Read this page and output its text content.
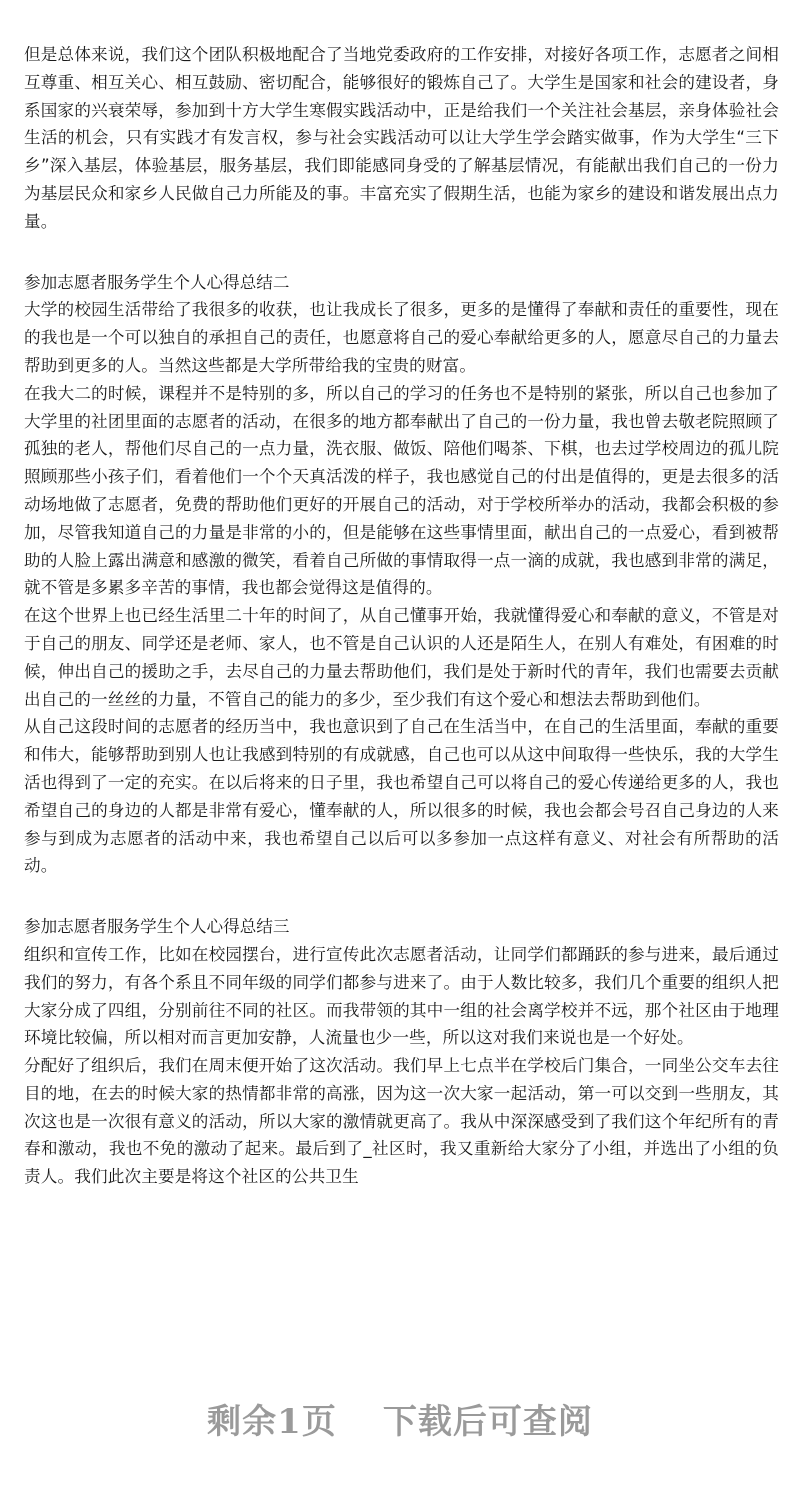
但是总体来说，我们这个团队积极地配合了当地党委政府的工作安排，对接好各项工作，志愿者之间相互尊重、相互关心、相互鼓励、密切配合，能够很好的锻炼自己了。大学生是国家和社会的建设者，身系国家的兴衰荣辱，参加到十方大学生寒假实践活动中，正是给我们一个关注社会基层，亲身体验社会生活的机会，只有实践才有发言权，参与社会实践活动可以让大学生学会踏实做事，作为大学生“三下乡”深入基层，体验基层，服务基层，我们即能感同身受的了解基层情况，有能献出我们自己的一份力为基层民众和家乡人民做自己力所能及的事。丰富充实了假期生活，也能为家乡的建设和谐发展出点力量。

参加志愿者服务学生个人心得总结二

大学的校园生活带给了我很多的收获，也让我成长了很多，更多的是懂得了奉献和责任的重要性，现在的我也是一个可以独自的承担自己的责任，也愿意将自己的爱心奉献给更多的人，愿意尽自己的力量去帮助到更多的人。当然这些都是大学所带给我的宝贵的财富。

在我大二的时候，课程并不是特别的多，所以自己的学习的任务也不是特别的紧张，所以自己也参加了大学里的社团里面的志愿者的活动，在很多的地方都奉献出了自己的一份力量，我也曾去敬老院照顾了孤独的老人，帮他们尽自己的一点力量，洗衣服、做饭、陪他们喝茶、下棋，也去过学校周边的孤儿院照顾那些小孩子们，看着他们一个个天真活泼的样子，我也感觉自己的付出是值得的，更是去很多的活动场地做了志愿者，免费的帮助他们更好的开展自己的活动，对于学校所举办的活动，我都会积极的参加，尽管我知道自己的力量是非常的小的，但是能够在这些事情里面，献出自己的一点爱心，看到被帮助的人脸上露出满意和感激的微笑，看着自己所做的事情取得一点一滴的成就，我也感到非常的满足，就不管是多累多辛苦的事情，我也都会觉得这是值得的。

在这个世界上也已经生活里二十年的时间了，从自己懂事开始，我就懂得爱心和奉献的意义，不管是对于自己的朋友、同学还是老师、家人，也不管是自己认识的人还是陌生人，在别人有难处，有困难的时候，伸出自己的援助之手，去尽自己的力量去帮助他们，我们是处于新时代的青年，我们也需要去贡献出自己的一丝丝的力量，不管自己的能力的多少，至少我们有这个爱心和想法去帮助到他们。

从自己这段时间的志愿者的经历当中，我也意识到了自己在生活当中，在自己的生活里面，奉献的重要和伟大，能够帮助到别人也让我感到特别的有成就感，自己也可以从这中间取得一些快乐，我的大学生活也得到了一定的充实。在以后将来的日子里，我也希望自己可以将自己的爱心传递给更多的人，我也希望自己的身边的人都是非常有爱心，懂奉献的人，所以很多的时候，我也会都会号召自己身边的人来参与到成为志愿者的活动中来，我也希望自己以后可以多参加一点这样有意义、对社会有所帮助的活动。

参加志愿者服务学生个人心得总结三

组织和宣传工作，比如在校园摆台，进行宣传此次志愿者活动，让同学们都踊跃的参与进来，最后通过我们的努力，有各个系且不同年级的同学们都参与进来了。由于人数比较多，我们几个重要的组织人把大家分成了四组，分别前往不同的社区。而我带领的其中一组的社会离学校并不远，那个社区由于地理环境比较偏，所以相对而言更加安静，人流量也少一些，所以这对我们来说也是一个好处。

分配好了组织后，我们在周末便开始了这次活动。我们早上七点半在学校后门集合，一同坐公交车去往目的地，在去的时候大家的热情都非常的高涨，因为这一次大家一起活动，第一可以交到一些朋友，其次这也是一次很有意义的活动，所以大家的激情就更高了。我从中深深感受到了我们这个年纪所有的青春和激动，我也不免的激动了起来。最后到了_社区时，我又重新给大家分了小组，并选出了小组的负责人。我们此次主要是将这个社区的公共卫生

剩余1页 下载后可查阅
